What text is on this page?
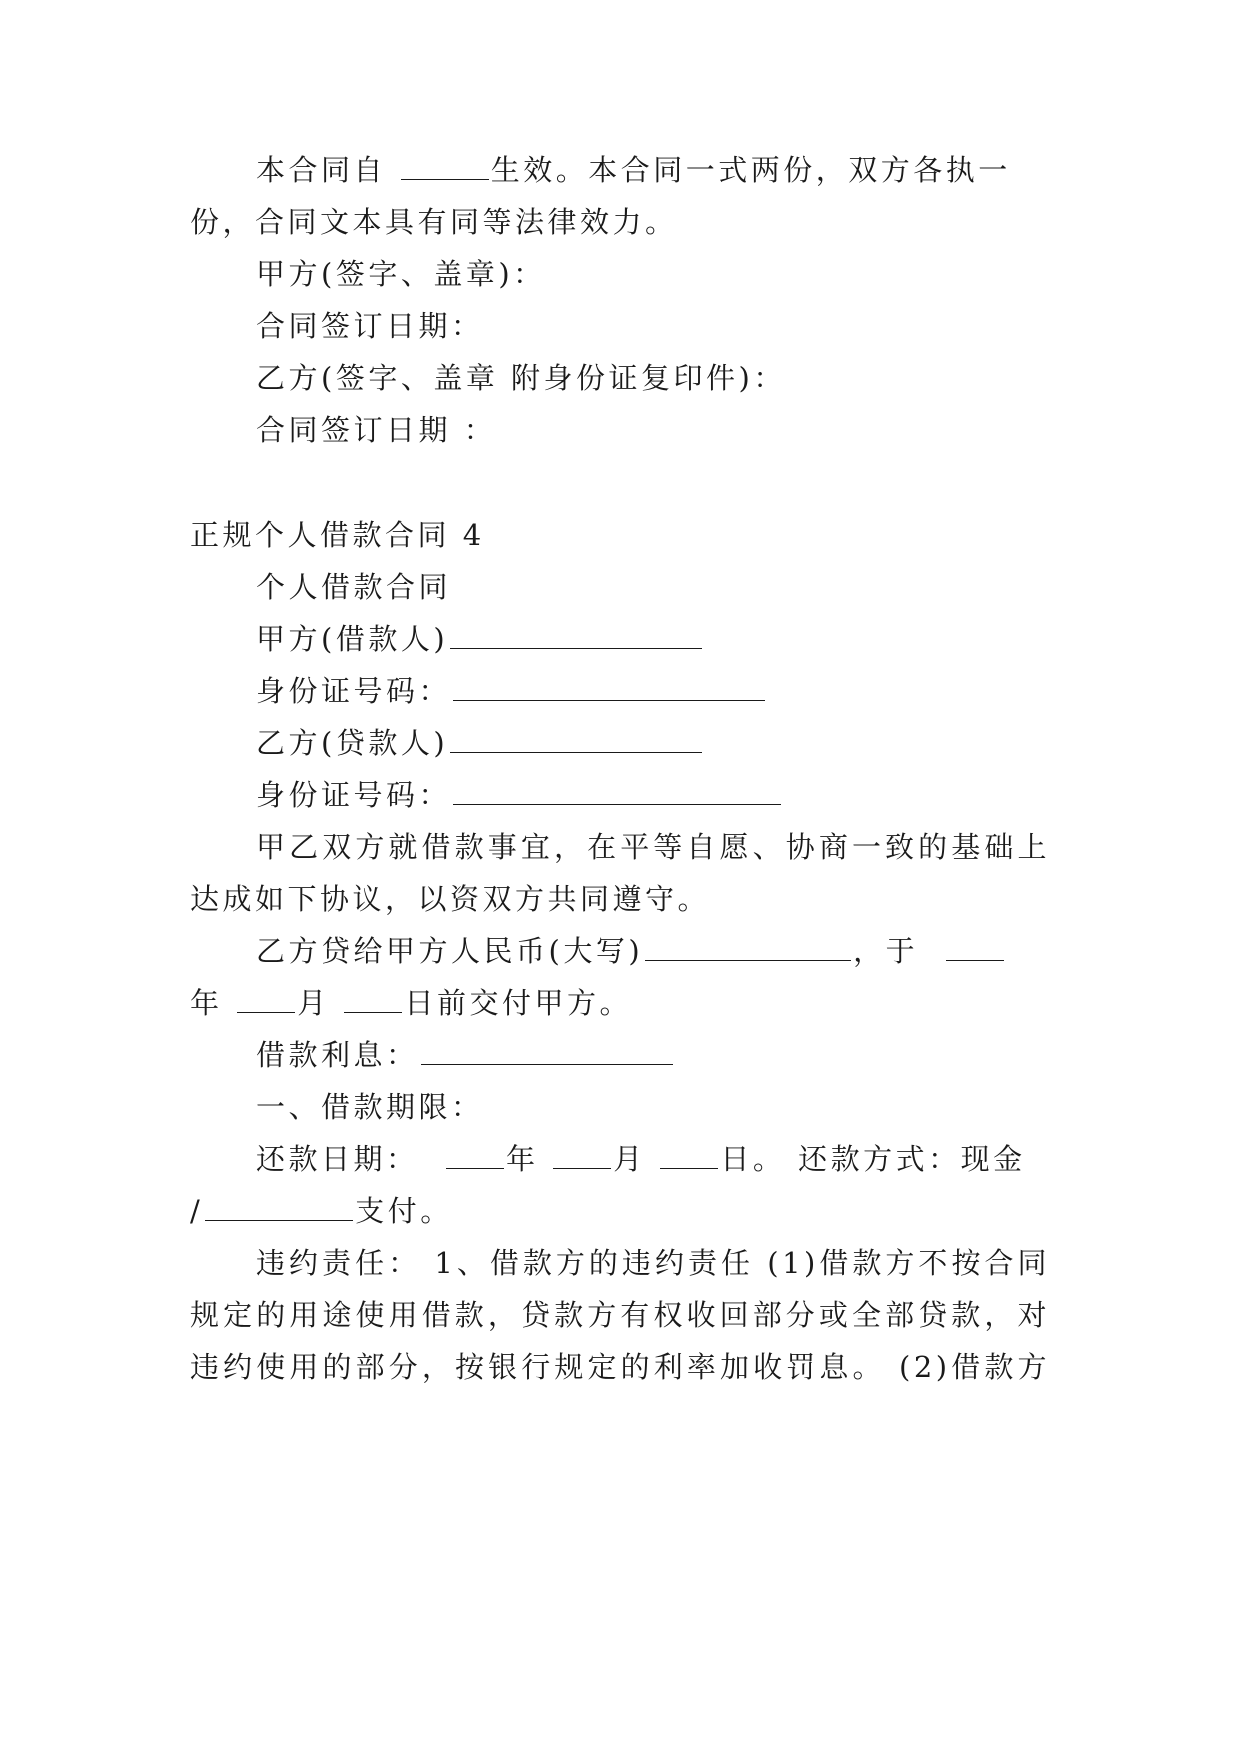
本合同自	生效。本合同一式两份，双方各执一
份，合同文本具有同等法律效力。
甲方(签字、盖章)：
合同签订日期：
乙方(签字、盖章 附身份证复印件)：
合同签订日期 ：
正规个人借款合同 4
个人借款合同
甲方(借款人)
身份证号码：
乙方(贷款人)
身份证号码：
甲乙双方就借款事宜，在平等自愿、协商一致的基础上
达成如下协议，以资双方共同遵守。
乙方贷给甲方人民币(大写)	，于
年	月	日前交付甲方。
借款利息：
一、借款期限：
还款日期：	年	月	日。 还款方式：现金
/	支付。
违约责任： 1、借款方的违约责任 (1)借款方不按合同
规定的用途使用借款，贷款方有权收回部分或全部贷款，对
违约使用的部分，按银行规定的利率加收罚息。 (2)借款方
